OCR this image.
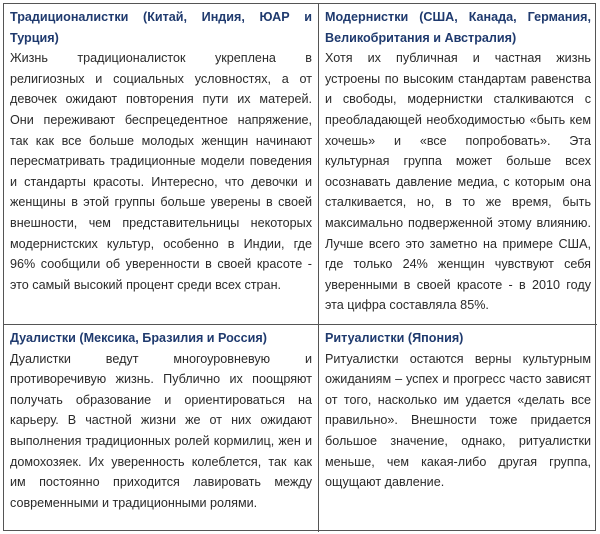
Традиционалистки (Китай, Индия, ЮАР и Турция)
Жизнь традиционалисток укреплена в религиозных и социальных условностях, а от девочек ожидают повторения пути их матерей. Они переживают беспрецедентное напряжение, так как все больше молодых женщин начинают пересматривать традиционные модели поведения и стандарты красоты. Интересно, что девочки и женщины в этой группы больше уверены в своей внешности, чем представительницы некоторых модернистских культур, особенно в Индии, где 96% сообщили об уверенности в своей красоте - это самый высокий процент среди всех стран.
Модернистки (США, Канада, Германия, Великобритания и Австралия)
Хотя их публичная и частная жизнь устроены по высоким стандартам равенства и свободы, модернистки сталкиваются с преобладающей необходимостью «быть кем хочешь» и «все попробовать». Эта культурная группа может больше всех осознавать давление медиа, с которым она сталкивается, но, в то же время, быть максимально подверженной этому влиянию. Лучше всего это заметно на примере США, где только 24% женщин чувствуют себя уверенными в своей красоте - в 2010 году эта цифра составляла 85%.
Дуалистки (Мексика, Бразилия и Россия)
Дуалистки ведут многоуровневую и противоречивую жизнь. Публично их поощряют получать образование и ориентироваться на карьеру. В частной жизни же от них ожидают выполнения традиционных ролей кормилиц, жен и домохозяек. Их уверенность колеблется, так как им постоянно приходится лавировать между современными и традиционными ролями.
Ритуалистки (Япония)
Ритуалистки остаются верны культурным ожиданиям – успех и прогресс часто зависят от того, насколько им удается «делать все правильно». Внешности тоже придается большое значение, однако, ритуалистки меньше, чем какая-либо другая группа, ощущают давление.
